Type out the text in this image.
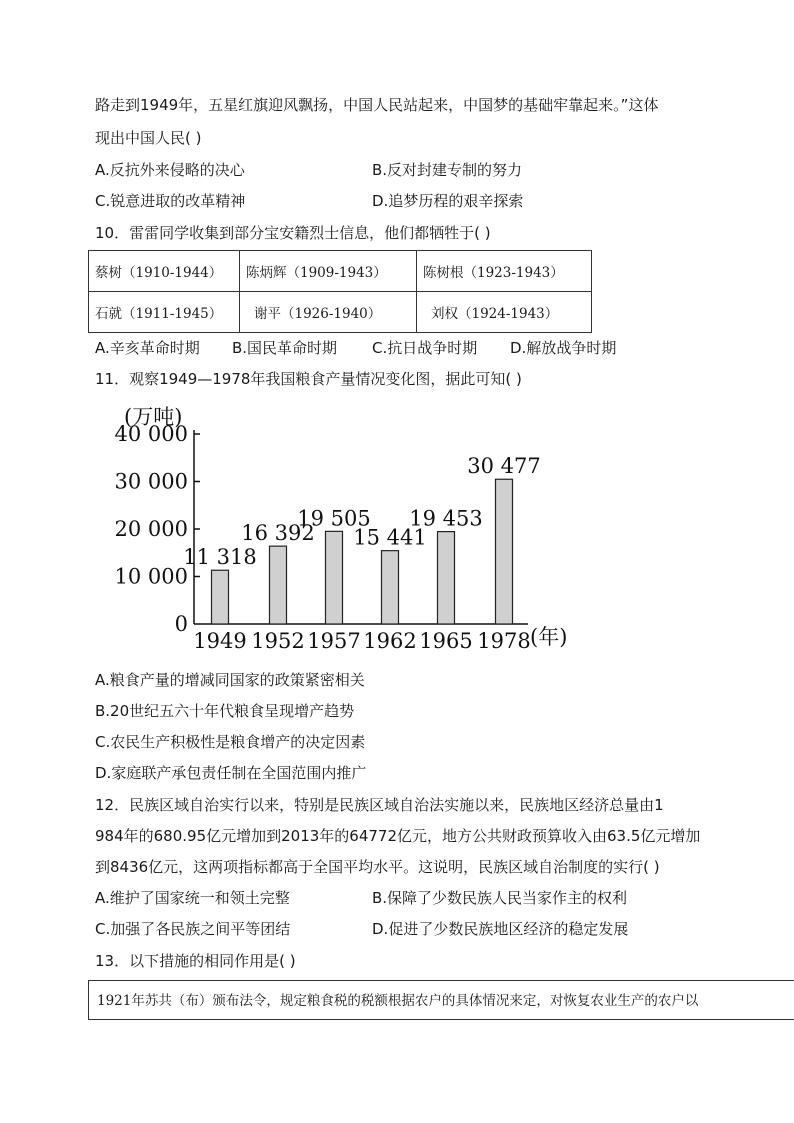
路走到1949年，五星红旗迎风飘扬，中国人民站起来，中国梦的基础牢靠起来。”这体
现出中国人民( )
A.反抗外来侵略的决心	B.反对封建专制的努力
C.锐意进取的改革精神	D.追梦历程的艰辛探索
10．雷雷同学收集到部分宝安籍烈士信息，他们都牺牲于( )
蔡树（1910-1944）	陈炳辉（1909-1943）	陈树根（1923-1943）
石就（1911-1945）	谢平（1926-1940）	刘权（1924-1943）
A.辛亥革命时期 B.国民革命时期 C.抗日战争时期 D.解放战争时期
11．观察1949—1978年我国粮食产量情况变化图，据此可知( )
(万吨)
0
10 000
20 000
30 000
40 000
11 318
16 392
19 505
15 441
19 453
30 477
1949 1952 1957 1962 1965 1978 (年)
A.粮食产量的增减同国家的政策紧密相关
B.20世纪五六十年代粮食呈现增产趋势
C.农民生产积极性是粮食增产的决定因素
D.家庭联产承包责任制在全国范围内推广
12．民族区域自治实行以来，特别是民族区域自治法实施以来，民族地区经济总量由1
984年的680.95亿元增加到2013年的64772亿元，地方公共财政预算收入由63.5亿元增加
到8436亿元，这两项指标都高于全国平均水平。这说明，民族区域自治制度的实行( )
A.维护了国家统一和领土完整	B.保障了少数民族人民当家作主的权利
C.加强了各民族之间平等团结	D.促进了少数民族地区经济的稳定发展
13．以下措施的相同作用是( )
1921年苏共（布）颁布法令，规定粮食税的税额根据农户的具体情况来定，对恢复农业生产的农户以
